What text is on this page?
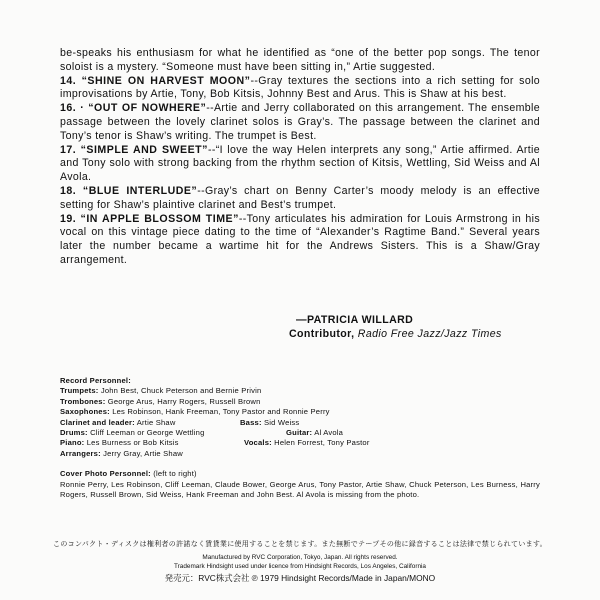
be-speaks his enthusiasm for what he identified as “one of the better pop songs. The tenor soloist is a mystery. “Someone must have been sitting in,” Artie suggested.

14. “SHINE ON HARVEST MOON”--Gray textures the sections into a rich setting for solo improvisations by Artie, Tony, Bob Kitsis, Johnny Best and Arus. This is Shaw at his best.

16. · “OUT OF NOWHERE”--Artie and Jerry collaborated on this arrangement. The ensemble passage between the lovely clarinet solos is Gray’s. The passage between the clarinet and Tony’s tenor is Shaw’s writing. The trumpet is Best.

17. “SIMPLE AND SWEET”--“I love the way Helen interprets any song,” Artie affirmed. Artie and Tony solo with strong backing from the rhythm section of Kitsis, Wettling, Sid Weiss and Al Avola.

18. “BLUE INTERLUDE”--Gray’s chart on Benny Carter’s moody melody is an effective setting for Shaw’s plaintive clarinet and Best’s trumpet.

19. “IN APPLE BLOSSOM TIME”--Tony articulates his admiration for Louis Armstrong in his vocal on this vintage piece dating to the time of “Alexander’s Ragtime Band.” Several years later the number became a wartime hit for the Andrews Sisters. This is a Shaw/Gray arrangement.

—PATRICIA WILLARD
Contributor, Radio Free Jazz/Jazz Times
Record Personnel:
Trumpets: John Best, Chuck Peterson and Bernie Privin
Trombones: George Arus, Harry Rogers, Russell Brown
Saxophones: Les Robinson, Hank Freeman, Tony Pastor and Ronnie Perry
Clarinet and leader: Artie Shaw	Bass: Sid Weiss
Drums: Cliff Leeman or George Wettling	Guitar: Al Avola
Piano: Les Burness or Bob Kitsis	Vocals: Helen Forrest, Tony Pastor
Arrangers: Jerry Gray, Artie Shaw
Cover Photo Personnel: (left to right)
Ronnie Perry, Les Robinson, Cliff Leeman, Claude Bower, George Arus, Tony Pastor, Artie Shaw, Chuck Peterson, Les Burness, Harry Rogers, Russell Brown, Sid Weiss, Hank Freeman and John Best. Al Avola is missing from the photo.
このコンパクト・ディスクは権利者の許諾なく賃貸業に使用することを禁じます。また無断でテープその他に録音することは法律で禁じられています。
Manufactured by RVC Corporation, Tokyo, Japan. All rights reserved.
Trademark Hindsight used under licence from Hindsight Records, Los Angeles, California
発売元：RVC株式会社 ℗ 1979 Hindsight Records/Made in Japan/MONO
